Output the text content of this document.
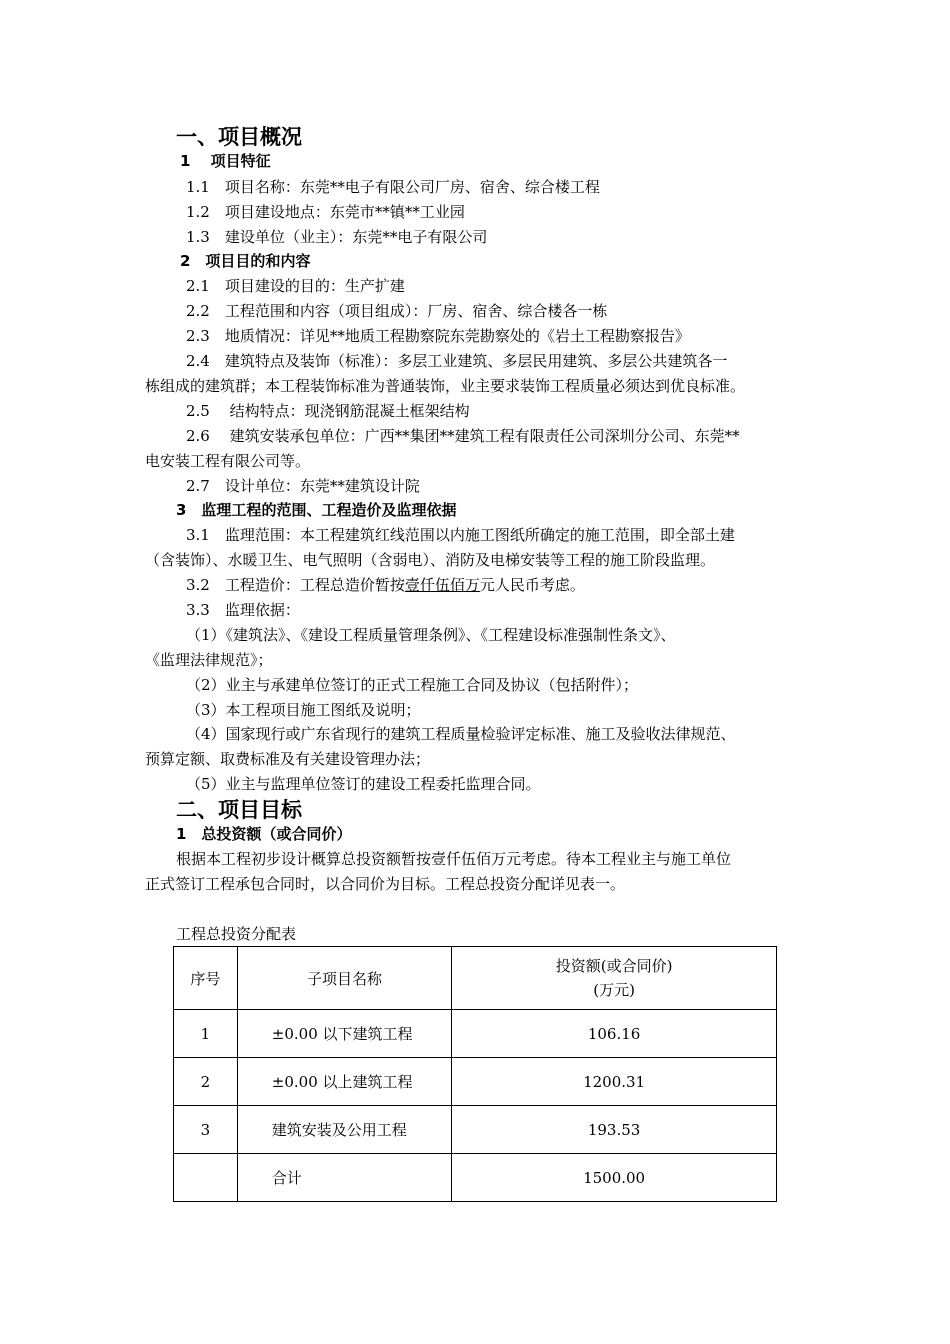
一、项目概况
1　 项目特征
1.1　项目名称：东莞**电子有限公司厂房、宿舍、综合楼工程
1.2　项目建设地点：东莞市**镇**工业园
1.3　建设单位（业主）：东莞**电子有限公司
2　项目目的和内容
2.1　项目建设的目的：生产扩建
2.2　工程范围和内容（项目组成）：厂房、宿舍、综合楼各一栋
2.3　地质情况：详见**地质工程勘察院东莞勘察处的《岩土工程勘察报告》
2.4　建筑特点及装饰（标准）：多层工业建筑、多层民用建筑、多层公共建筑各一
栋组成的建筑群；本工程装饰标准为普通装饰，业主要求装饰工程质量必须达到优良标准。
2.5　 结构特点：现浇钢筋混凝土框架结构
2.6　 建筑安装承包单位：广西**集团**建筑工程有限责任公司深圳分公司、东莞**
电安装工程有限公司等。
2.7　设计单位：东莞**建筑设计院
3　监理工程的范围、工程造价及监理依据
3.1　监理范围：本工程建筑红线范围以内施工图纸所确定的施工范围，即全部土建
（含装饰）、水暖卫生、电气照明（含弱电）、消防及电梯安装等工程的施工阶段监理。
3.2　工程造价：工程总造价暂按壹仟伍佰万元人民币考虑。
3.3　监理依据：
（1）《建筑法》、《建设工程质量管理条例》、《工程建设标准强制性条文》、
《监理法律规范》；
（2）业主与承建单位签订的正式工程施工合同及协议（包括附件）；
（3）本工程项目施工图纸及说明；
（4）国家现行或广东省现行的建筑工程质量检验评定标准、施工及验收法律规范、
预算定额、取费标准及有关建设管理办法；
（5）业主与监理单位签订的建设工程委托监理合同。
二、项目目标
1　总投资额（或合同价）
根据本工程初步设计概算总投资额暂按壹仟伍佰万元考虑。待本工程业主与施工单位
正式签订工程承包合同时，以合同价为目标。工程总投资分配详见表一。
工程总投资分配表
序号	子项目名称	投资额(或合同价)
(万元)

1	±0.00 以下建筑工程	106.16
2	±0.00 以上建筑工程	1200.31
3	建筑安装及公用工程	193.53
	合计	1500.00
